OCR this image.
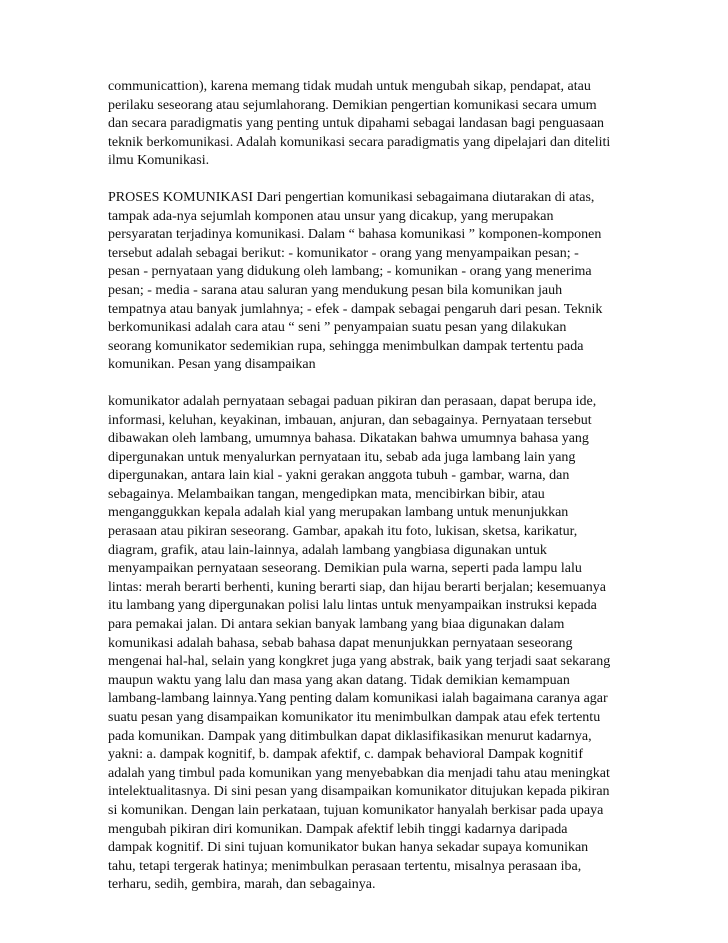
communicattion), karena memang tidak mudah untuk mengubah sikap, pendapat, atau
perilaku seseorang atau sejumlahorang. Demikian pengertian komunikasi secara umum
dan secara paradigmatis yang penting untuk dipahami sebagai landasan bagi penguasaan
teknik berkomunikasi. Adalah komunikasi secara paradigmatis yang dipelajari dan diteliti
ilmu Komunikasi.
PROSES KOMUNIKASI Dari pengertian komunikasi sebagaimana diutarakan di atas,
tampak ada-nya sejumlah komponen atau unsur yang dicakup, yang merupakan
persyaratan terjadinya komunikasi. Dalam “ bahasa komunikasi ” komponen-komponen
tersebut adalah sebagai berikut: - komunikator - orang yang menyampaikan pesan; -
pesan - pernyataan yang didukung oleh lambang; - komunikan - orang yang menerima
pesan; - media - sarana atau saluran yang mendukung pesan bila komunikan jauh
tempatnya atau banyak jumlahnya; - efek - dampak sebagai pengaruh dari pesan. Teknik
berkomunikasi adalah cara atau “ seni ” penyampaian suatu pesan yang dilakukan
seorang komunikator sedemikian rupa, sehingga menimbulkan dampak tertentu pada
komunikan. Pesan yang disampaikan
komunikator adalah pernyataan sebagai paduan pikiran dan perasaan, dapat berupa ide,
informasi, keluhan, keyakinan, imbauan, anjuran, dan sebagainya. Pernyataan tersebut
dibawakan oleh lambang, umumnya bahasa. Dikatakan bahwa umumnya bahasa yang
dipergunakan untuk menyalurkan pernyataan itu, sebab ada juga lambang lain yang
dipergunakan, antara lain kial - yakni gerakan anggota tubuh - gambar, warna, dan
sebagainya. Melambaikan tangan, mengedipkan mata, mencibirkan bibir, atau
menganggukkan kepala adalah kial yang merupakan lambang untuk menunjukkan
perasaan atau pikiran seseorang. Gambar, apakah itu foto, lukisan, sketsa, karikatur,
diagram, grafik, atau lain-lainnya, adalah lambang yangbiasa digunakan untuk
menyampaikan pernyataan seseorang. Demikian pula warna, seperti pada lampu lalu
lintas: merah berarti berhenti, kuning berarti siap, dan hijau berarti berjalan; kesemuanya
itu lambang yang dipergunakan polisi lalu lintas untuk menyampaikan instruksi kepada
para pemakai jalan. Di antara sekian banyak lambang yang biaa digunakan dalam
komunikasi adalah bahasa, sebab bahasa dapat menunjukkan pernyataan seseorang
mengenai hal-hal, selain yang kongkret juga yang abstrak, baik yang terjadi saat sekarang
maupun waktu yang lalu dan masa yang akan datang. Tidak demikian kemampuan
lambang-lambang lainnya.Yang penting dalam komunikasi ialah bagaimana caranya agar
suatu pesan yang disampaikan komunikator itu menimbulkan dampak atau efek tertentu
pada komunikan. Dampak yang ditimbulkan dapat diklasifikasikan menurut kadarnya,
yakni: a. dampak kognitif, b. dampak afektif, c. dampak behavioral Dampak kognitif
adalah yang timbul pada komunikan yang menyebabkan dia menjadi tahu atau meningkat
intelektualitasnya. Di sini pesan yang disampaikan komunikator ditujukan kepada pikiran
si komunikan. Dengan lain perkataan, tujuan komunikator hanyalah berkisar pada upaya
mengubah pikiran diri komunikan. Dampak afektif lebih tinggi kadarnya daripada
dampak kognitif. Di sini tujuan komunikator bukan hanya sekadar supaya komunikan
tahu, tetapi tergerak hatinya; menimbulkan perasaan tertentu, misalnya perasaan iba,
terharu, sedih, gembira, marah, dan sebagainya.
